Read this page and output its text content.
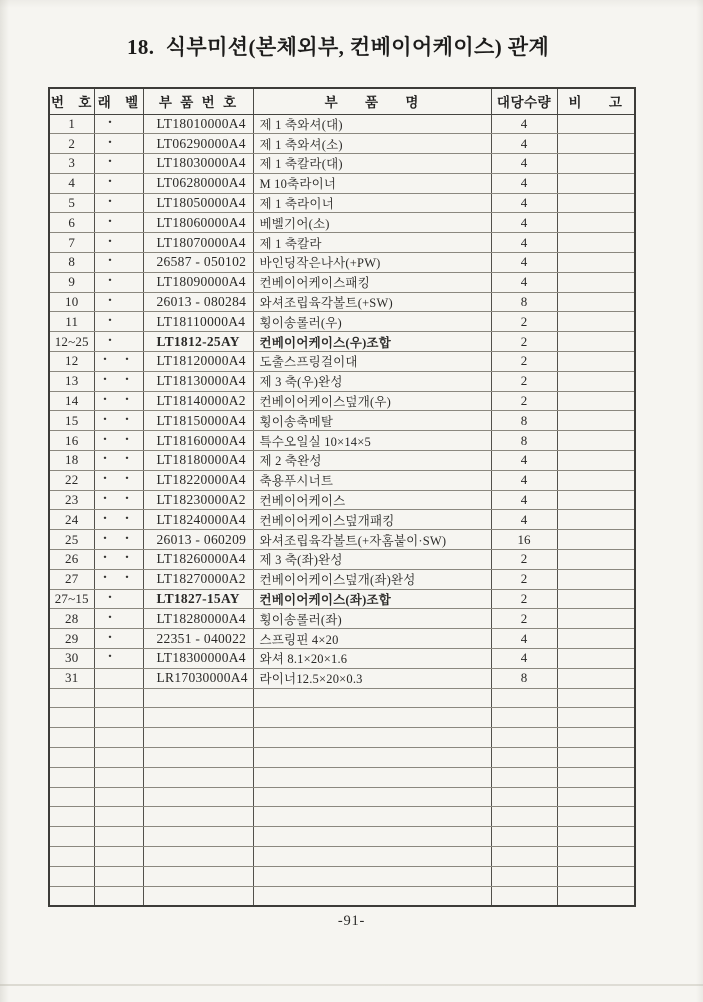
18.  식부미션(본체외부, 컨베이어케이스) 관계
번 호	래 벨	부 품 번 호	부 품 명	대당수량	비 고
1	·	LT18010000A4	제 1 축와셔(대)	4	
2	·	LT06290000A4	제 1 축와셔(소)	4	
3	·	LT18030000A4	제 1 축칼라(대)	4	
4	·	LT06280000A4	M 10축라이너	4	
5	·	LT18050000A4	제 1 축라이너	4	
6	·	LT18060000A4	베벨기어(소)	4	
7	·	LT18070000A4	제 1 축칼라	4	
8	·	26587 - 050102	바인딩작은나사(+PW)	4	
9	·	LT18090000A4	컨베이어케이스패킹	4	
10	·	26013 - 080284	와셔조립육각볼트(+SW)	8	
11	·	LT18110000A4	횡이송롤러(우)	2	
12~25	·	LT1812-25AY	컨베이어케이스(우)조합	2	
12	· ·	LT18120000A4	도출스프링걸이대	2	
13	· ·	LT18130000A4	제 3 축(우)완성	2	
14	· ·	LT18140000A2	컨베이어케이스덮개(우)	2	
15	· ·	LT18150000A4	횡이송축메탈	8	
16	· ·	LT18160000A4	특수오일실 10×14×5	8	
18	· ·	LT18180000A4	제 2 축완성	4	
22	· ·	LT18220000A4	축용푸시너트	4	
23	· ·	LT18230000A2	컨베이어케이스	4	
24	· ·	LT18240000A4	컨베이어케이스덮개패킹	4	
25	· ·	26013 - 060209	와셔조립육각볼트(+자홈붙이·SW)	16	
26	· ·	LT18260000A4	제 3 축(좌)완성	2	
27	· ·	LT18270000A2	컨베이어케이스덮개(좌)완성	2	
27~15	·	LT1827-15AY	컨베이어케이스(좌)조합	2	
28	·	LT18280000A4	횡이송롤러(좌)	2	
29	·	22351 - 040022	스프링핀 4×20	4	
30	·	LT18300000A4	와셔 8.1×20×1.6	4	
31		LR17030000A4	라이너12.5×20×0.3	8	

-91-
